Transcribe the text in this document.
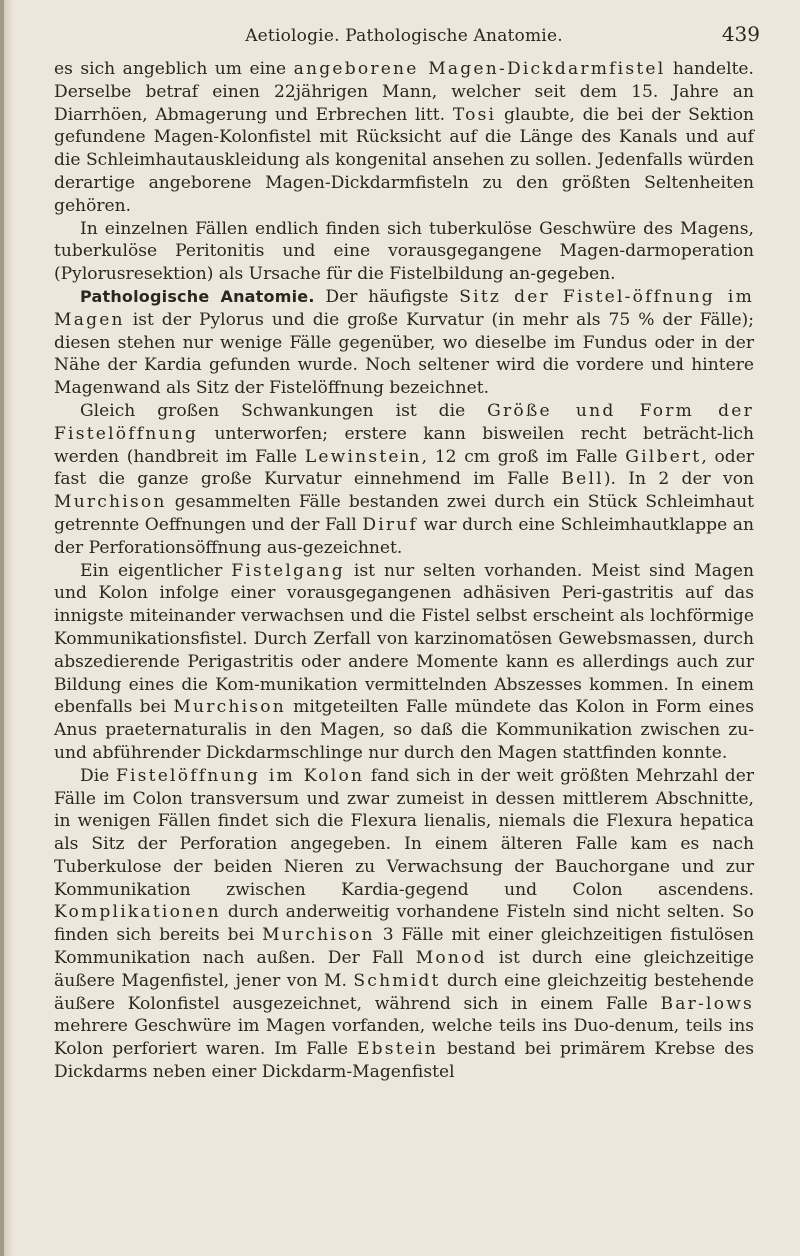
Aetiologie. Pathologische Anatomie.	439

es sich angeblich um eine angeborene Magen-Dickdarmfistel handelte. Derselbe betraf einen 22jährigen Mann, welcher seit dem 15. Jahre an Diarrhöen, Abmagerung und Erbrechen litt. Tosi glaubte, die bei der Sektion gefundene Magen-Kolonfistel mit Rücksicht auf die Länge des Kanals und auf die Schleimhautauskleidung als kongenital ansehen zu sollen. Jedenfalls würden derartige angeborene Magen-Dickdarmfisteln zu den größten Seltenheiten gehören.

In einzelnen Fällen endlich finden sich tuberkulöse Geschwüre des Magens, tuberkulöse Peritonitis und eine vorausgegangene Magen-darmoperation (Pylorusresektion) als Ursache für die Fistelbildung an-gegeben.

Pathologische Anatomie. Der häufigste Sitz der Fistel-öffnung im Magen ist der Pylorus und die große Kurvatur (in mehr als 75 % der Fälle); diesen stehen nur wenige Fälle gegenüber, wo dieselbe im Fundus oder in der Nähe der Kardia gefunden wurde. Noch seltener wird die vordere und hintere Magenwand als Sitz der Fistelöffnung bezeichnet.

Gleich großen Schwankungen ist die Größe und Form der Fistelöffnung unterworfen; erstere kann bisweilen recht beträcht-lich werden (handbreit im Falle Lewinstein, 12 cm groß im Falle Gilbert, oder fast die ganze große Kurvatur einnehmend im Falle Bell). In 2 der von Murchison gesammelten Fälle bestanden zwei durch ein Stück Schleimhaut getrennte Oeffnungen und der Fall Diruf war durch eine Schleimhautklappe an der Perforationsöffnung aus-gezeichnet.

Ein eigentlicher Fistelgang ist nur selten vorhanden. Meist sind Magen und Kolon infolge einer vorausgegangenen adhäsiven Peri-gastritis auf das innigste miteinander verwachsen und die Fistel selbst erscheint als lochförmige Kommunikationsfistel. Durch Zerfall von karzinomatösen Gewebsmassen, durch abszedierende Perigastritis oder andere Momente kann es allerdings auch zur Bildung eines die Kom-munikation vermittelnden Abszesses kommen. In einem ebenfalls bei Murchison mitgeteilten Falle mündete das Kolon in Form eines Anus praeternaturalis in den Magen, so daß die Kommunikation zwischen zu- und abführender Dickdarmschlinge nur durch den Magen stattfinden konnte.

Die Fistelöffnung im Kolon fand sich in der weit größten Mehrzahl der Fälle im Colon transversum und zwar zumeist in dessen mittlerem Abschnitte, in wenigen Fällen findet sich die Flexura lienalis, niemals die Flexura hepatica als Sitz der Perforation angegeben. In einem älteren Falle kam es nach Tuberkulose der beiden Nieren zu Verwachsung der Bauchorgane und zur Kommunikation zwischen Kardia-gegend und Colon ascendens. Komplikationen durch anderweitig vorhandene Fisteln sind nicht selten. So finden sich bereits bei Murchison 3 Fälle mit einer gleichzeitigen fistulösen Kommunikation nach außen. Der Fall Monod ist durch eine gleichzeitige äußere Magenfistel, jener von M. Schmidt durch eine gleichzeitig bestehende äußere Kolonfistel ausgezeichnet, während sich in einem Falle Bar-lows mehrere Geschwüre im Magen vorfanden, welche teils ins Duo-denum, teils ins Kolon perforiert waren. Im Falle Ebstein bestand bei primärem Krebse des Dickdarms neben einer Dickdarm-Magenfistel
